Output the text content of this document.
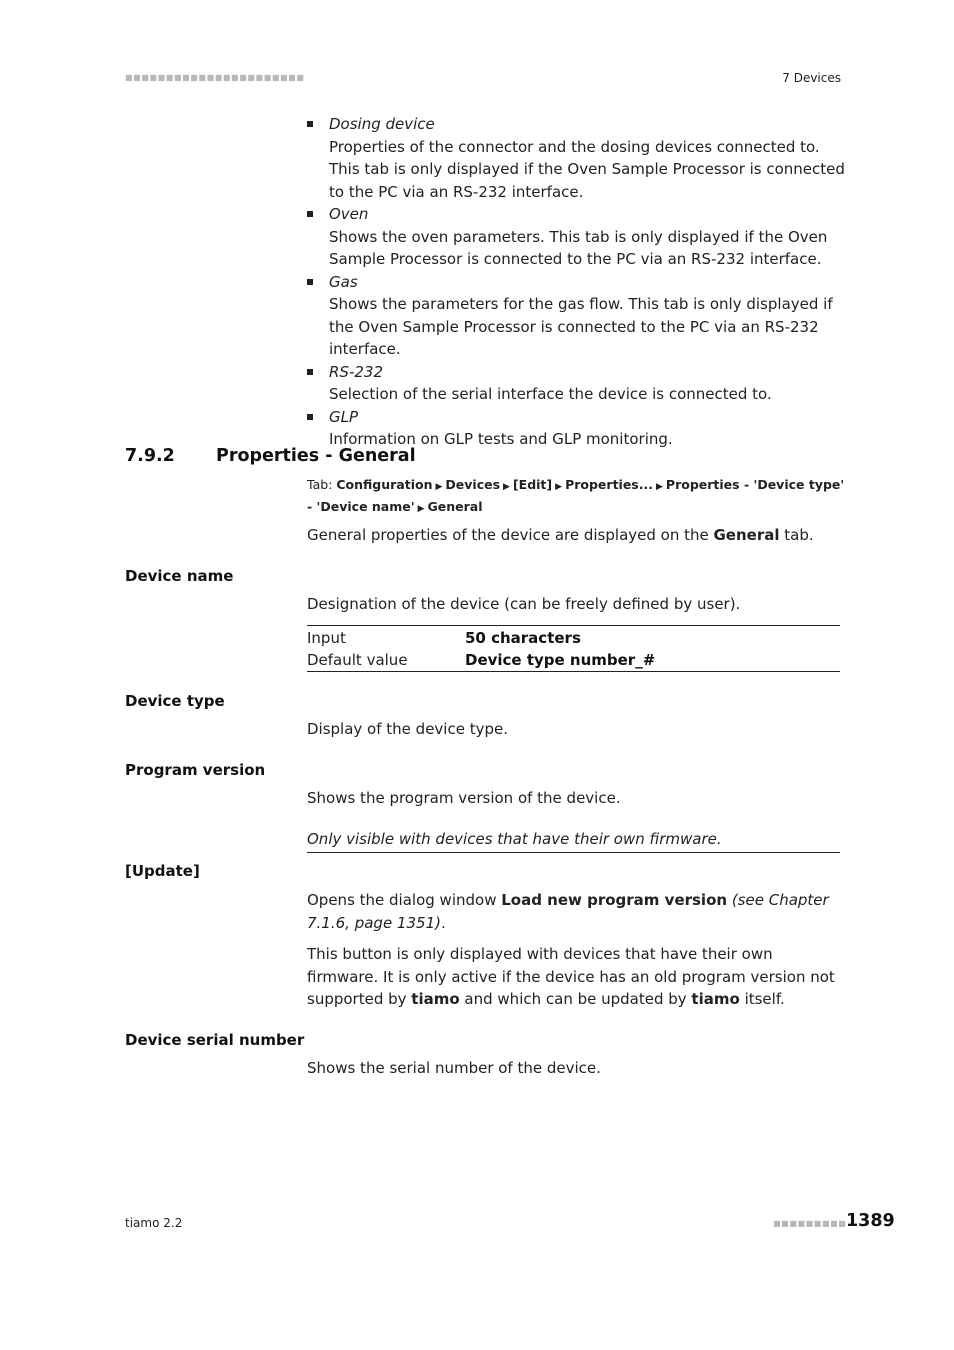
■■■■■■■■■■■■■■■■■■■■■■	7 Devices
Dosing device
Properties of the connector and the dosing devices connected to. This tab is only displayed if the Oven Sample Processor is connected to the PC via an RS-232 interface.
Oven
Shows the oven parameters. This tab is only displayed if the Oven Sample Processor is connected to the PC via an RS-232 interface.
Gas
Shows the parameters for the gas flow. This tab is only displayed if the Oven Sample Processor is connected to the PC via an RS-232 interface.
RS-232
Selection of the serial interface the device is connected to.
GLP
Information on GLP tests and GLP monitoring.
7.9.2 Properties - General
Tab: Configuration ▶ Devices ▶ [Edit] ▶ Properties... ▶ Properties - 'Device type' - 'Device name' ▶ General
General properties of the device are displayed on the General tab.
Device name
Designation of the device (can be freely defined by user).
Input	50 characters
Default value	Device type number_#
Device type
Display of the device type.
Program version
Shows the program version of the device.
Only visible with devices that have their own firmware.
[Update]
Opens the dialog window Load new program version (see Chapter 7.1.6, page 1351).
This button is only displayed with devices that have their own firmware. It is only active if the device has an old program version not supported by tiamo and which can be updated by tiamo itself.
Device serial number
Shows the serial number of the device.
tiamo 2.2	■■■■■■■■■ 1389
